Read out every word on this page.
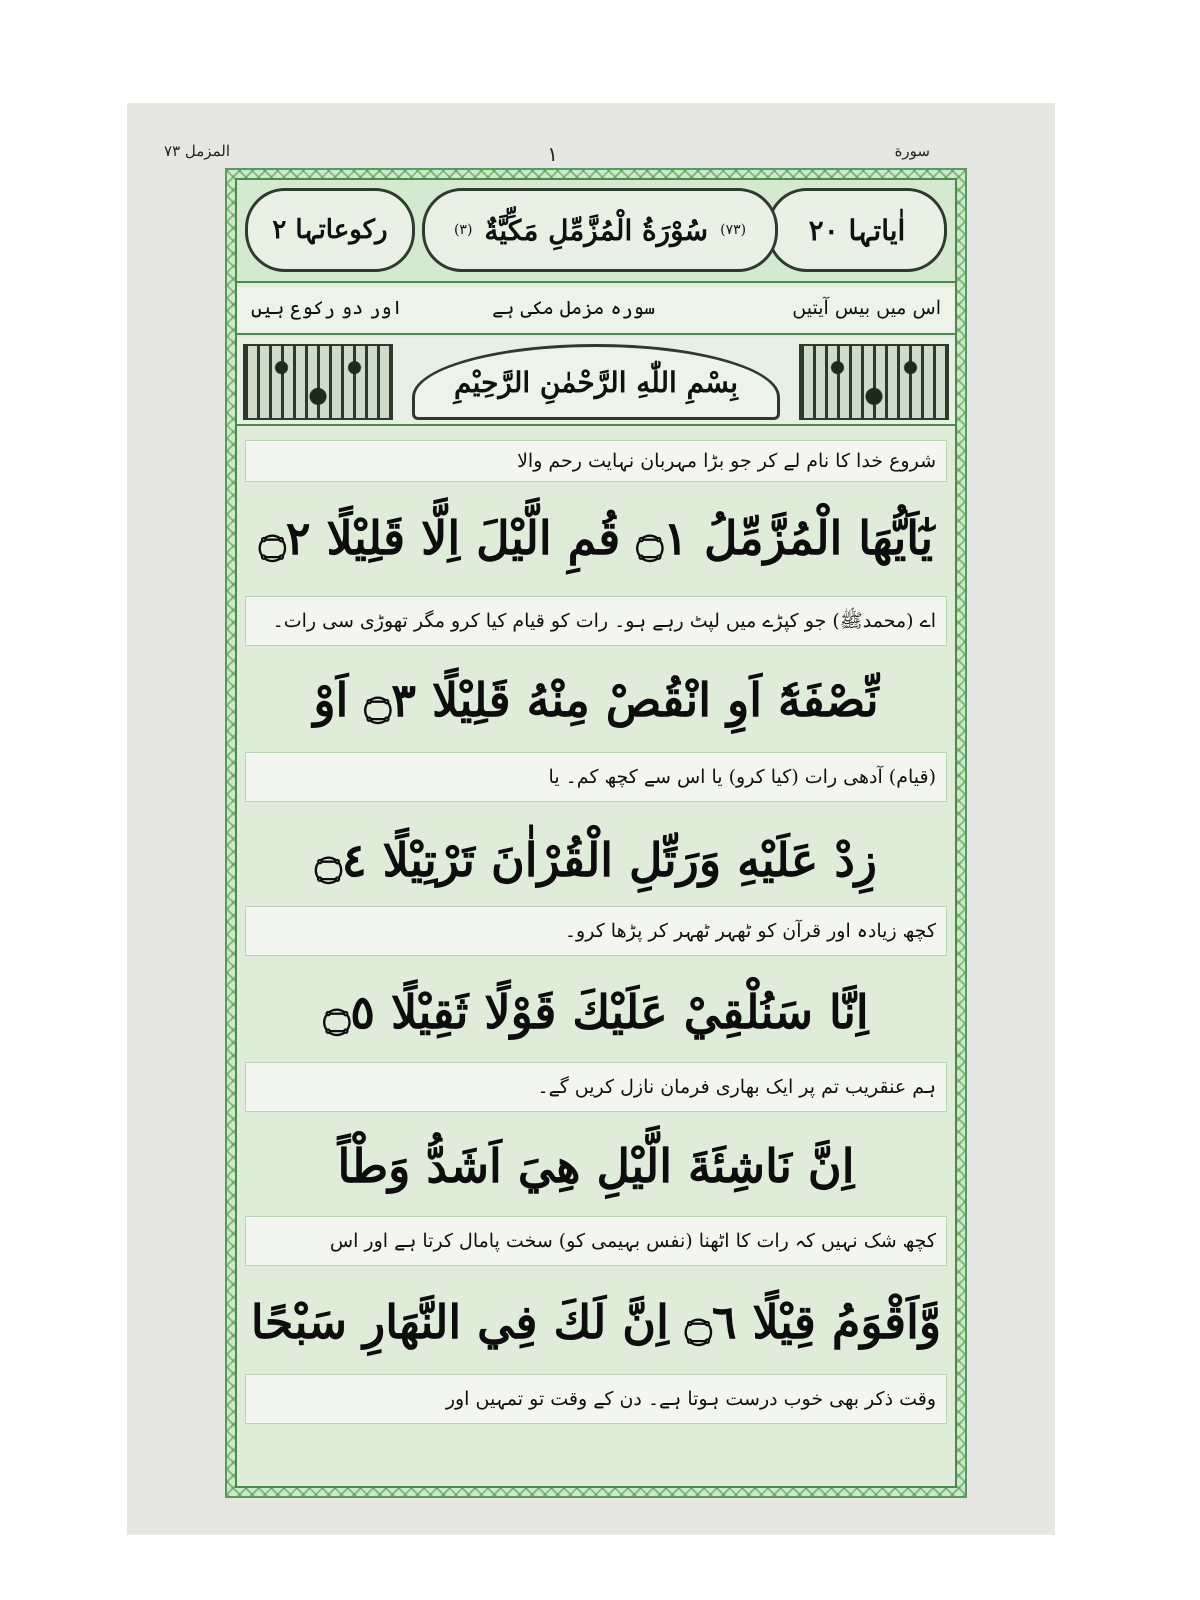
سورة
١
المزمل ٧٣
اٰیاتہا ٢٠
(٧٣)
سُوْرَةُ الْمُزَّمِّلِ مَكِّيَّةٌ
(٣)
رکوعاتہا ٢
اس میں بیس آیتیں
سورہ مزمل مکی ہے
اور دو رکوع ہیں
بِسْمِ اللّٰهِ الرَّحْمٰنِ الرَّحِيْمِ
شروع خدا کا نام لے کر جو بڑا مہربان نہایت رحم والا
يٰٓاَيُّهَا الْمُزَّمِّلُ ۝١ قُمِ الَّيْلَ اِلَّا قَلِيْلًا ۝٢
اے (محمدﷺ) جو کپڑے میں لپٹ رہے ہو۔ رات کو قیام کیا کرو مگر تھوڑی سی رات۔
نِّصْفَهٗٓ اَوِ انْقُصْ مِنْهُ قَلِيْلًا ۝٣ اَوْ
(قیام) آدھی رات (کیا کرو) یا اس سے کچھ کم۔ یا
زِدْ عَلَيْهِ وَرَتِّلِ الْقُرْاٰنَ تَرْتِيْلًا ۝٤
کچھ زیادہ اور قرآن کو ٹھہر ٹھہر کر پڑھا کرو۔
اِنَّا سَنُلْقِيْ عَلَيْكَ قَوْلًا ثَقِيْلًا ۝٥
ہم عنقریب تم پر ایک بھاری فرمان نازل کریں گے۔
اِنَّ نَاشِئَةَ الَّيْلِ هِيَ اَشَدُّ وَطْاً
کچھ شک نہیں کہ رات کا اٹھنا (نفس بہیمی کو) سخت پامال کرتا ہے اور اس
وَّاَقْوَمُ قِيْلًا ۝٦ اِنَّ لَكَ فِي النَّهَارِ سَبْحًا
وقت ذکر بھی خوب درست ہوتا ہے۔ دن کے وقت تو تمہیں اور
